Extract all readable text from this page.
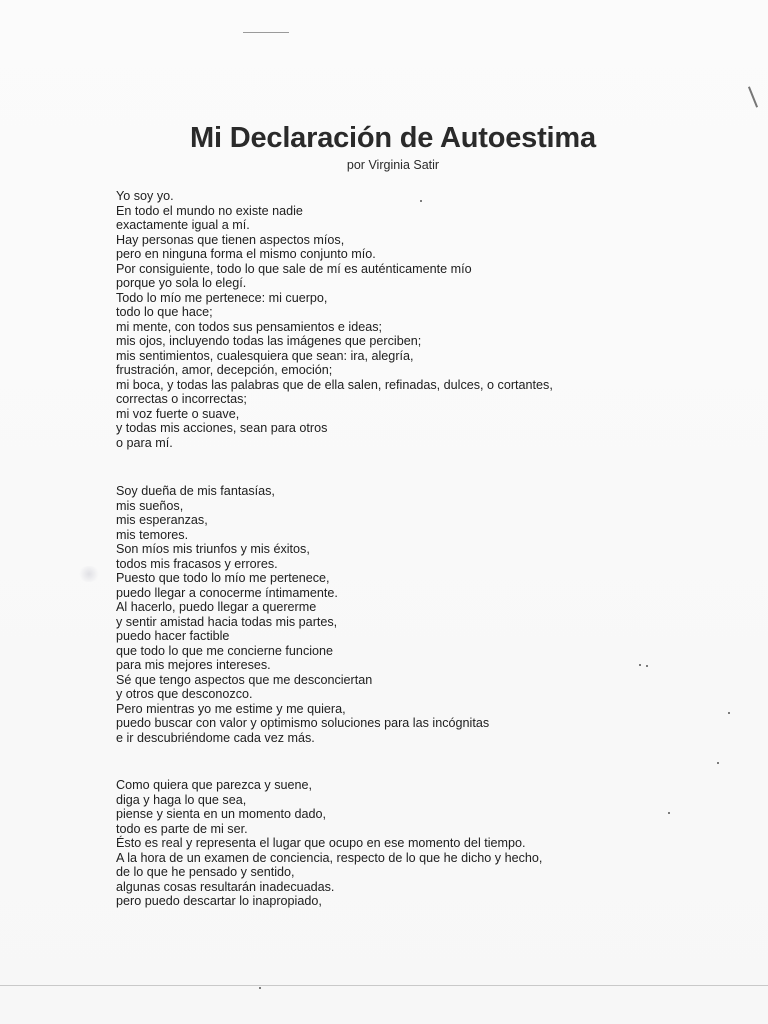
Mi Declaración de Autoestima

por Virginia Satir

Yo soy yo.
En todo el mundo no existe nadie
exactamente igual a mí.
Hay personas que tienen aspectos míos,
pero en ninguna forma el mismo conjunto mío.
Por consiguiente, todo lo que sale de mí es auténticamente mío
porque yo sola lo elegí.
Todo lo mío me pertenece: mi cuerpo,
todo lo que hace;
mi mente, con todos sus pensamientos e ideas;
mis ojos, incluyendo todas las imágenes que perciben;
mis sentimientos, cualesquiera que sean: ira, alegría,
frustración, amor, decepción, emoción;
mi boca, y todas las palabras que de ella salen, refinadas, dulces, o cortantes,
correctas o incorrectas;
mi voz fuerte o suave,
y todas mis acciones, sean para otros
o para mí.
Soy dueña de mis fantasías,
mis sueños,
mis esperanzas,
mis temores.
Son míos mis triunfos y mis éxitos,
todos mis fracasos y errores.
Puesto que todo lo mío me pertenece,
puedo llegar a conocerme íntimamente.
Al hacerlo, puedo llegar a quererme
y sentir amistad hacia todas mis partes,
puedo hacer factible
que todo lo que me concierne funcione
para mis mejores intereses.
Sé que tengo aspectos que me desconciertan
y otros que desconozco.
Pero mientras yo me estime y me quiera,
puedo buscar con valor y optimismo soluciones para las incógnitas
e ir descubriéndome cada vez más.
Como quiera que parezca y suene,
diga y haga lo que sea,
piense y sienta en un momento dado,
todo es parte de mi ser.
Ésto es real y representa el lugar que ocupo en ese momento del tiempo.
A la hora de un examen de conciencia, respecto de lo que he dicho y hecho,
de lo que he pensado y sentido,
algunas cosas resultarán inadecuadas.
pero puedo descartar lo inapropiado,
